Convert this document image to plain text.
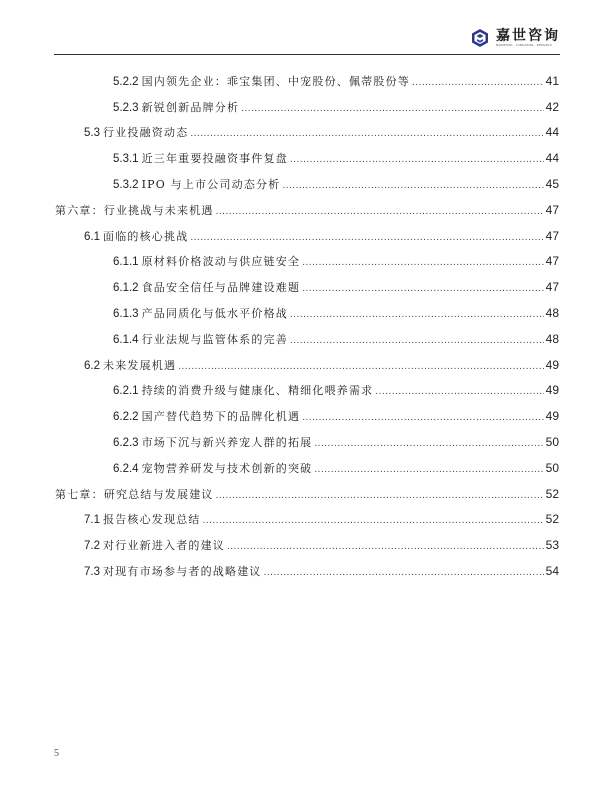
嘉世咨询
MARKETING · CONSULTING · RESEARCH
5.2.2 国内领先企业：乖宝集团、中宠股份、佩蒂股份等 .....	41
5.2.3 新锐创新品牌分析 .....	42
5.3 行业投融资动态 .....	44
5.3.1 近三年重要投融资事件复盘 .....	44
5.3.2 IPO 与上市公司动态分析 .....	45
第六章：行业挑战与未来机遇 .....	47
6.1 面临的核心挑战 .....	47
6.1.1 原材料价格波动与供应链安全 .....	47
6.1.2 食品安全信任与品牌建设难题 .....	47
6.1.3 产品同质化与低水平价格战 .....	48
6.1.4 行业法规与监管体系的完善 .....	48
6.2 未来发展机遇 .....	49
6.2.1 持续的消费升级与健康化、精细化喂养需求 .....	49
6.2.2 国产替代趋势下的品牌化机遇 .....	49
6.2.3 市场下沉与新兴养宠人群的拓展 .....	50
6.2.4 宠物营养研发与技术创新的突破 .....	50
第七章：研究总结与发展建议 .....	52
7.1 报告核心发现总结 .....	52
7.2 对行业新进入者的建议 .....	53
7.3 对现有市场参与者的战略建议 .....	54
5
